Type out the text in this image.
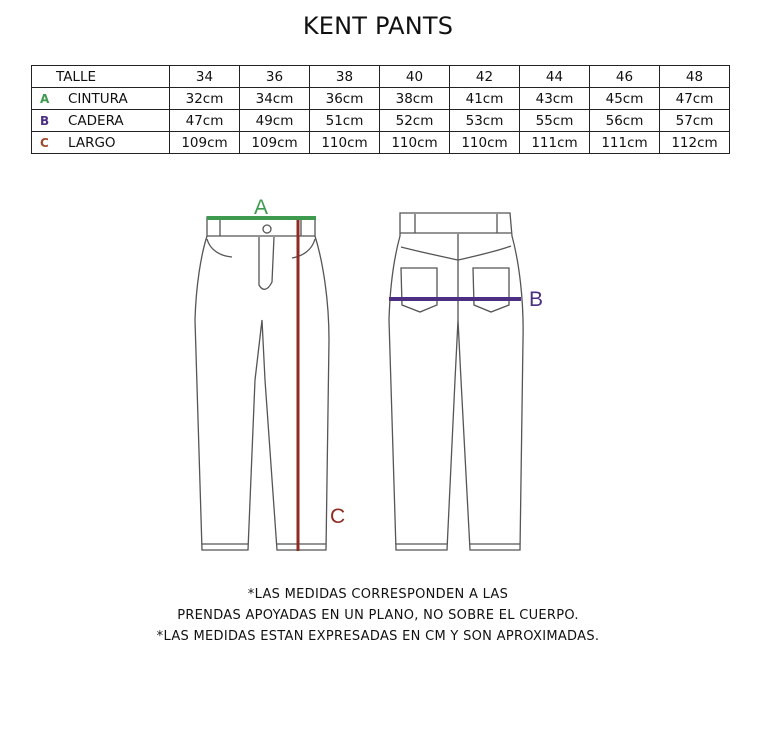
KENT PANTS
TALLE	34	36	38	40	42	44	46	48
A CINTURA	32cm	34cm	36cm	38cm	41cm	43cm	45cm	47cm
B CADERA	47cm	49cm	51cm	52cm	53cm	55cm	56cm	57cm
C LARGO	109cm	109cm	110cm	110cm	110cm	111cm	111cm	112cm
A
B
C
*LAS MEDIDAS CORRESPONDEN A LAS
PRENDAS APOYADAS EN UN PLANO, NO SOBRE EL CUERPO.
*LAS MEDIDAS ESTAN EXPRESADAS EN CM Y SON APROXIMADAS.
